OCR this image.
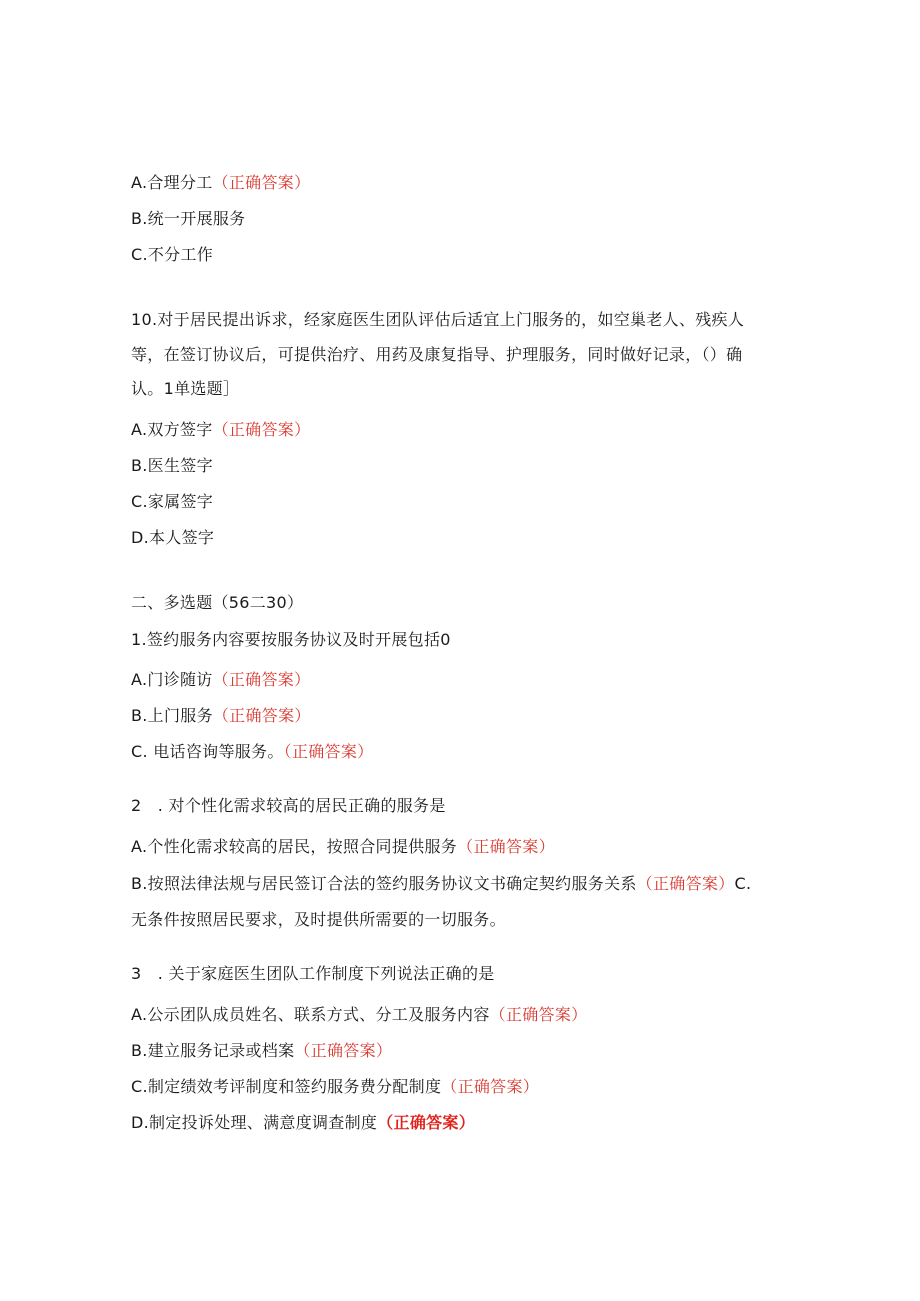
A.合理分工（正确答案）
B.统一开展服务
C.不分工作
10.对于居民提出诉求，经家庭医生团队评估后适宜上门服务的，如空巢老人、残疾人
等，在签订协议后，可提供治疗、用药及康复指导、护理服务，同时做好记录，（）确
认。1单选题］
A.双方签字（正确答案）
B.医生签字
C.家属签字
D.本人签字
二、多选题（56二30）
1.签约服务内容要按服务协议及时开展包括0
A.门诊随访（正确答案）
B.上门服务（正确答案）
C. 电话咨询等服务。（正确答案）
2　. 对个性化需求较高的居民正确的服务是
A.个性化需求较高的居民，按照合同提供服务（正确答案）
B.按照法律法规与居民签订合法的签约服务协议文书确定契约服务关系（正确答案）C.
无条件按照居民要求，及时提供所需要的一切服务。
3　. 关于家庭医生团队工作制度下列说法正确的是
A.公示团队成员姓名、联系方式、分工及服务内容（正确答案）
B.建立服务记录或档案（正确答案）
C.制定绩效考评制度和签约服务费分配制度（正确答案）
D.制定投诉处理、满意度调查制度（正确答案）
